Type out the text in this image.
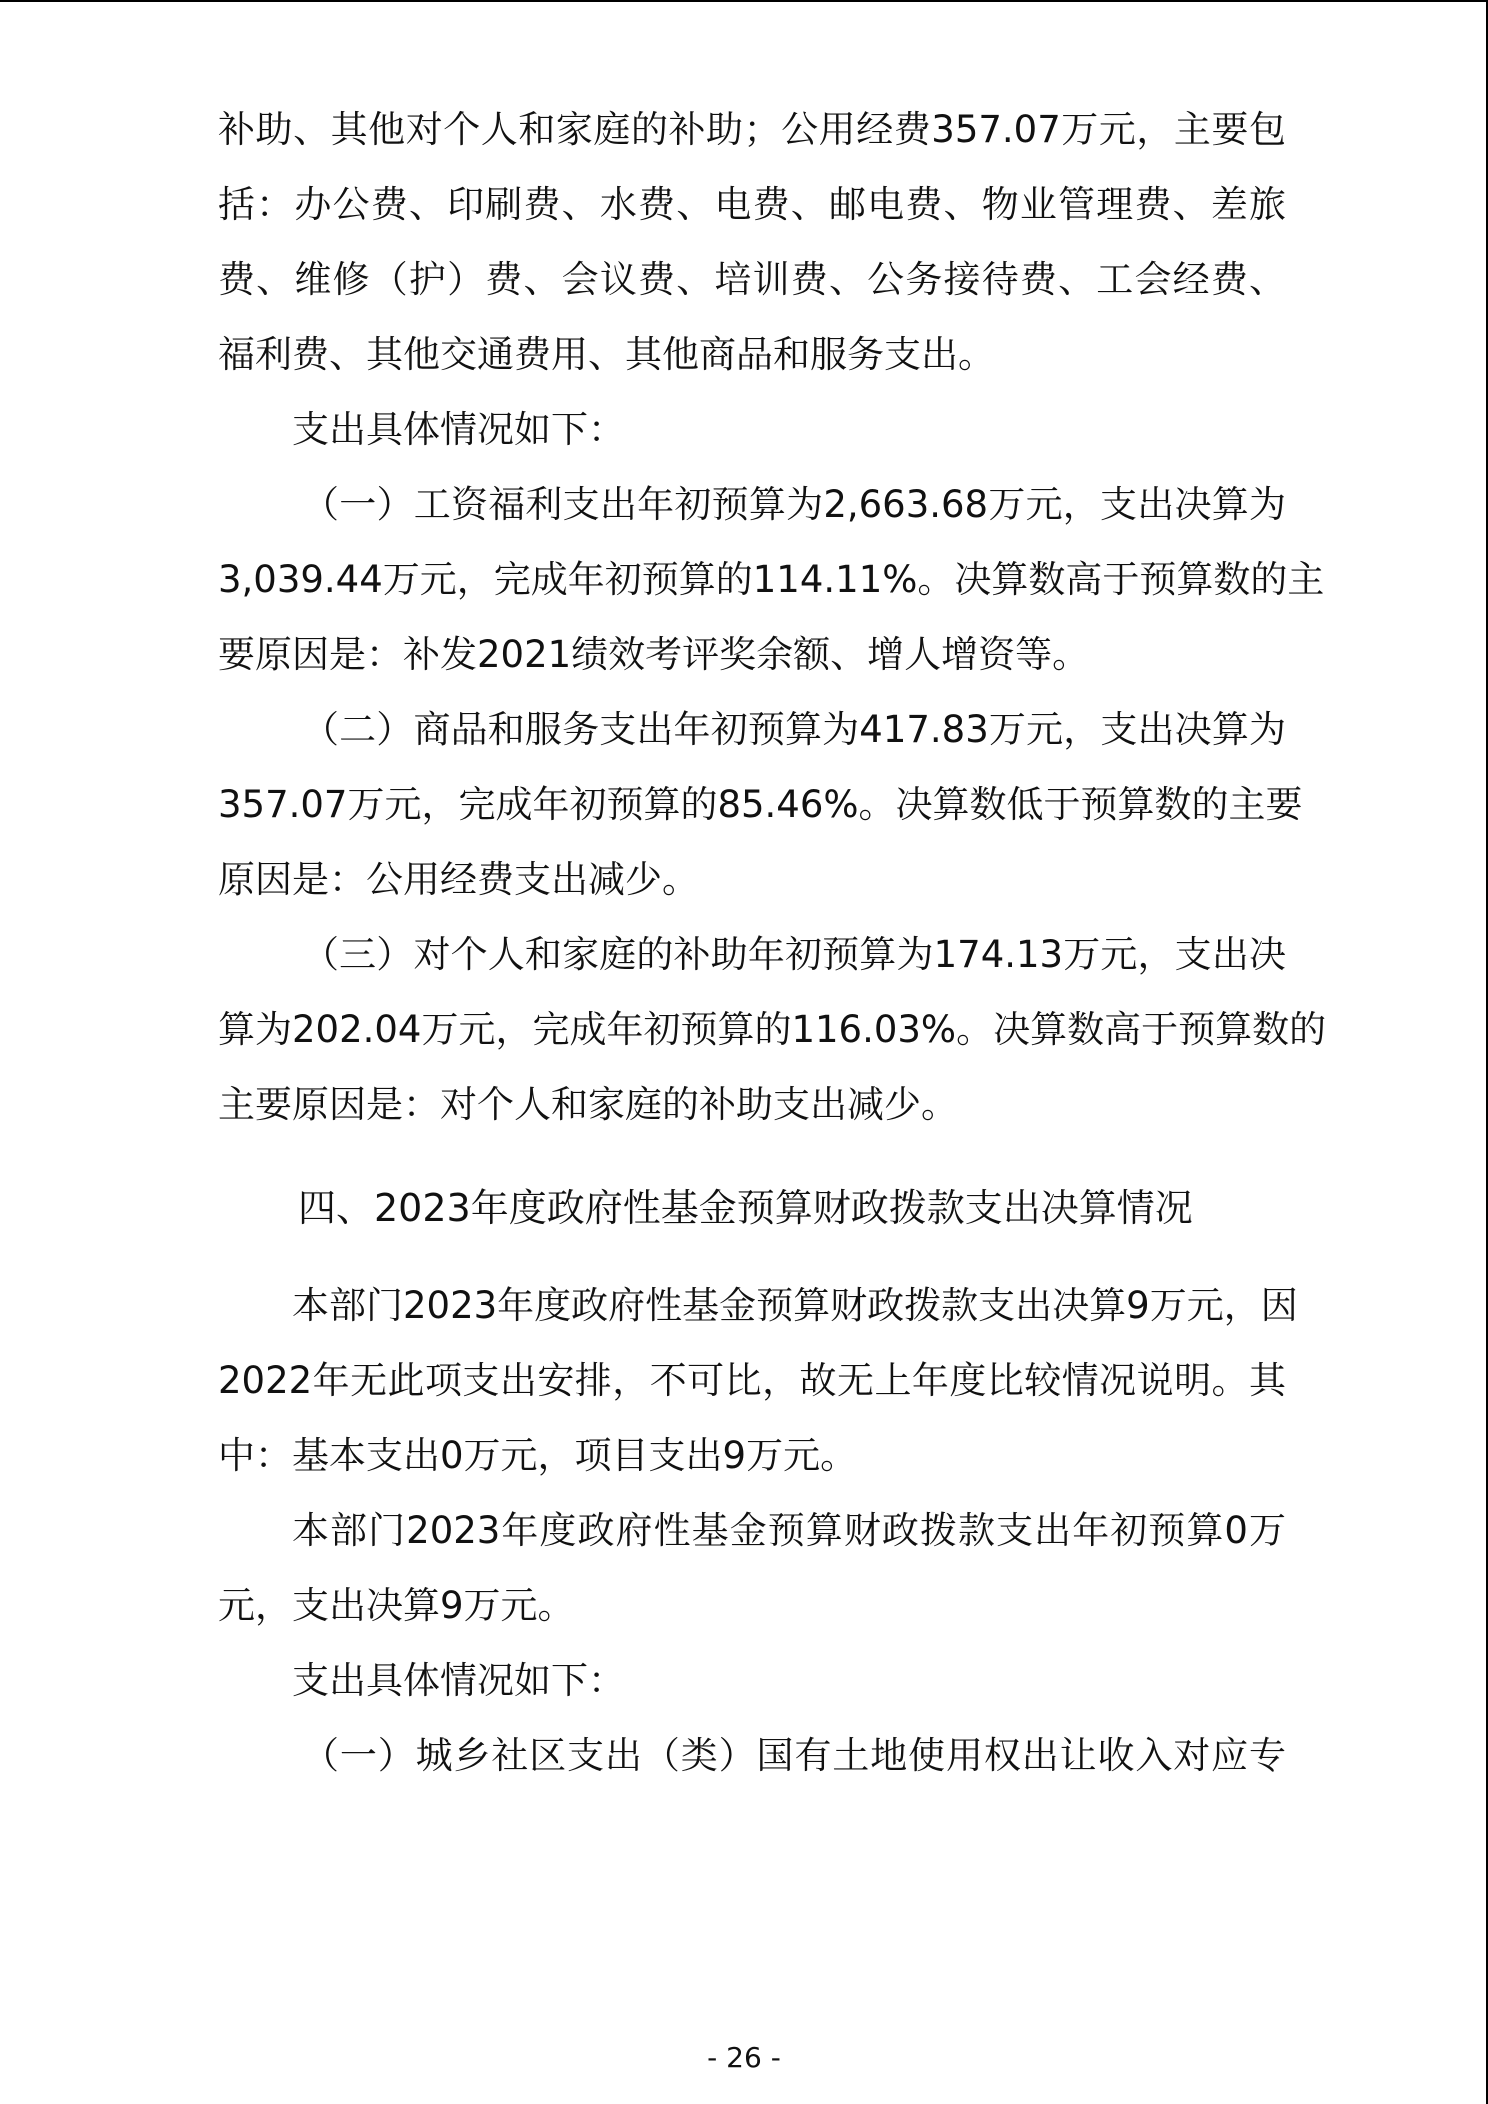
补助、其他对个人和家庭的补助；公用经费357.07万元，主要包
括：办公费、印刷费、水费、电费、邮电费、物业管理费、差旅
费、维修（护）费、会议费、培训费、公务接待费、工会经费、
福利费、其他交通费用、其他商品和服务支出。
支出具体情况如下：
（一）工资福利支出年初预算为2,663.68万元，支出决算为
3,039.44万元，完成年初预算的114.11%。决算数高于预算数的主
要原因是：补发2021绩效考评奖余额、增人增资等。
（二）商品和服务支出年初预算为417.83万元，支出决算为
357.07万元，完成年初预算的85.46%。决算数低于预算数的主要
原因是：公用经费支出减少。
（三）对个人和家庭的补助年初预算为174.13万元，支出决
算为202.04万元，完成年初预算的116.03%。决算数高于预算数的
主要原因是：对个人和家庭的补助支出减少。
四、2023年度政府性基金预算财政拨款支出决算情况
本部门2023年度政府性基金预算财政拨款支出决算9万元，因
2022年无此项支出安排，不可比，故无上年度比较情况说明。其
中：基本支出0万元，项目支出9万元。
本部门2023年度政府性基金预算财政拨款支出年初预算0万
元，支出决算9万元。
支出具体情况如下：
（一）城乡社区支出（类）国有土地使用权出让收入对应专
- 26 -
